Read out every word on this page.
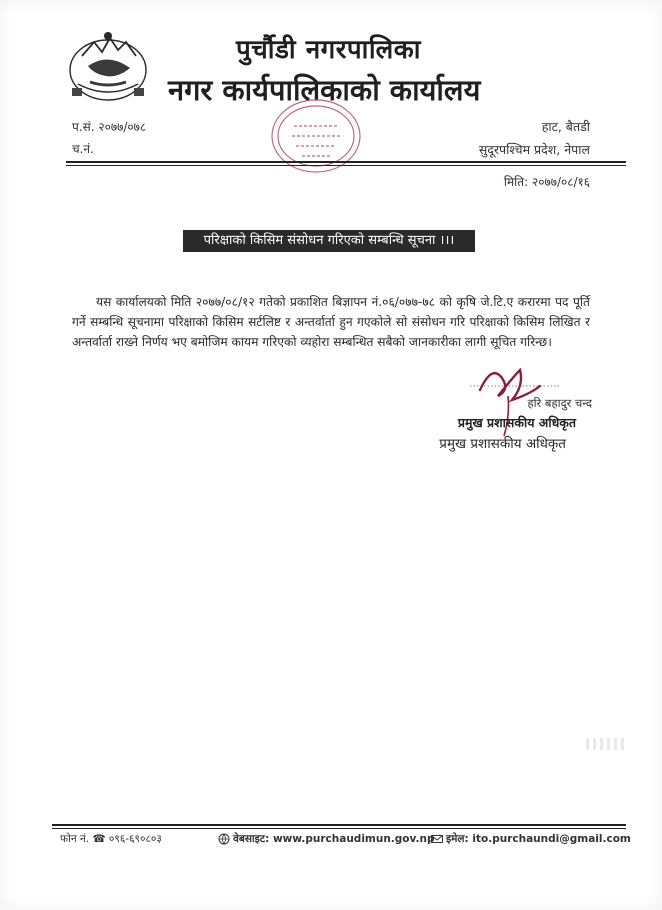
पुर्चौडी नगरपालिका
नगर कार्यपालिकाको कार्यालय
प.सं. २०७७/०७८
च.नं.
हाट, बैतडी
सुदूरपश्चिम प्रदेश, नेपाल
मिति: २०७७/०८/१६
परिक्षाको किसिम संसोधन गरिएको सम्बन्धि सूचना ।।।
यस कार्यालयको मिति २०७७/०८/१२ गतेको प्रकाशित बिज्ञापन नं.०६/०७७-७८ को कृषि जे.टि.ए करारमा पद पूर्ति गर्ने सम्बन्धि सूचनामा परिक्षाको किसिम सर्टलिष्ट र अन्तर्वार्ता हुन गएकोले सो संसोधन गरि परिक्षाको किसिम लिखित र अन्तर्वार्ता राख्ने निर्णय भए बमोजिम कायम गरिएको व्यहोरा सम्बन्धित सबैको जानकारीका लागी सूचित गरिन्छ।
हरि बहादुर चन्द
प्रमुख प्रशासकीय अधिकृत
प्रमुख प्रशासकीय अधिकृत
फोन नं. ☎ ०९६-६९०८०३	वेबसाइट: www.purchaudimun.gov.np इमेल: ito.purchaundi@gmail.com
